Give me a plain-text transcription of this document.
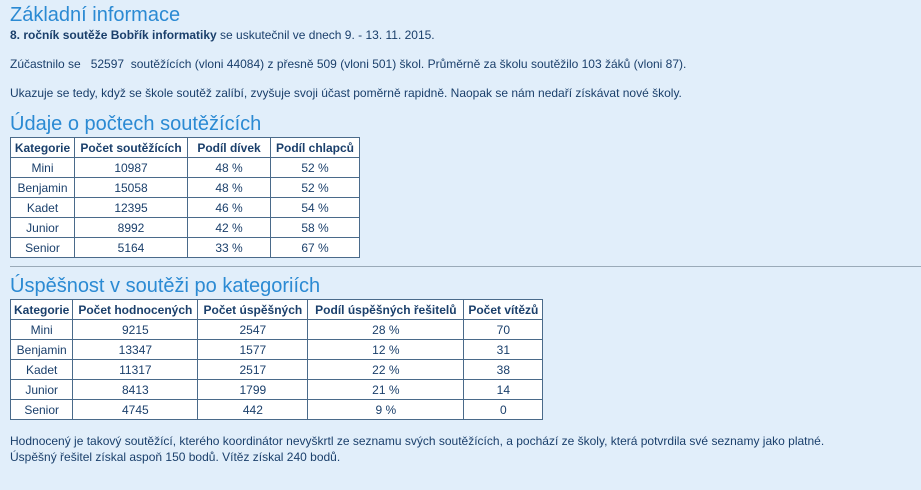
Základní informace

8. ročník soutěže Bobřík informatiky se uskutečnil ve dnech 9. - 13. 11. 2015.

Zúčastnilo se   52597  soutěžících (vloni 44084) z přesně 509 (vloni 501) škol. Průměrně za školu soutěžilo 103 žáků (vloni 87).

Ukazuje se tedy, když se škole soutěž zalíbí, zvyšuje svoji účast poměrně rapidně. Naopak se nám nedaří získávat nové školy.

Údaje o počtech soutěžících
Kategorie	Počet soutěžících	Podíl dívek	Podíl chlapců
Mini	10987	48 %	52 %
Benjamin	15058	48 %	52 %
Kadet	12395	46 %	54 %
Junior	8992	42 %	58 %
Senior	5164	33 %	67 %
Úspěšnost v soutěži po kategoriích
Kategorie	Počet hodnocených	Počet úspěšných	Podíl úspěšných řešitelů	Počet vítězů
Mini	9215	2547	28 %	70
Benjamin	13347	1577	12 %	31
Kadet	11317	2517	22 %	38
Junior	8413	1799	21 %	14
Senior	4745	442	9 %	0

Hodnocený je takový soutěžící, kterého koordinátor nevyškrtl ze seznamu svých soutěžících, a pochází ze školy, která potvrdila své seznamy jako platné.
Úspěšný řešitel získal aspoň 150 bodů. Vítěz získal 240 bodů.
